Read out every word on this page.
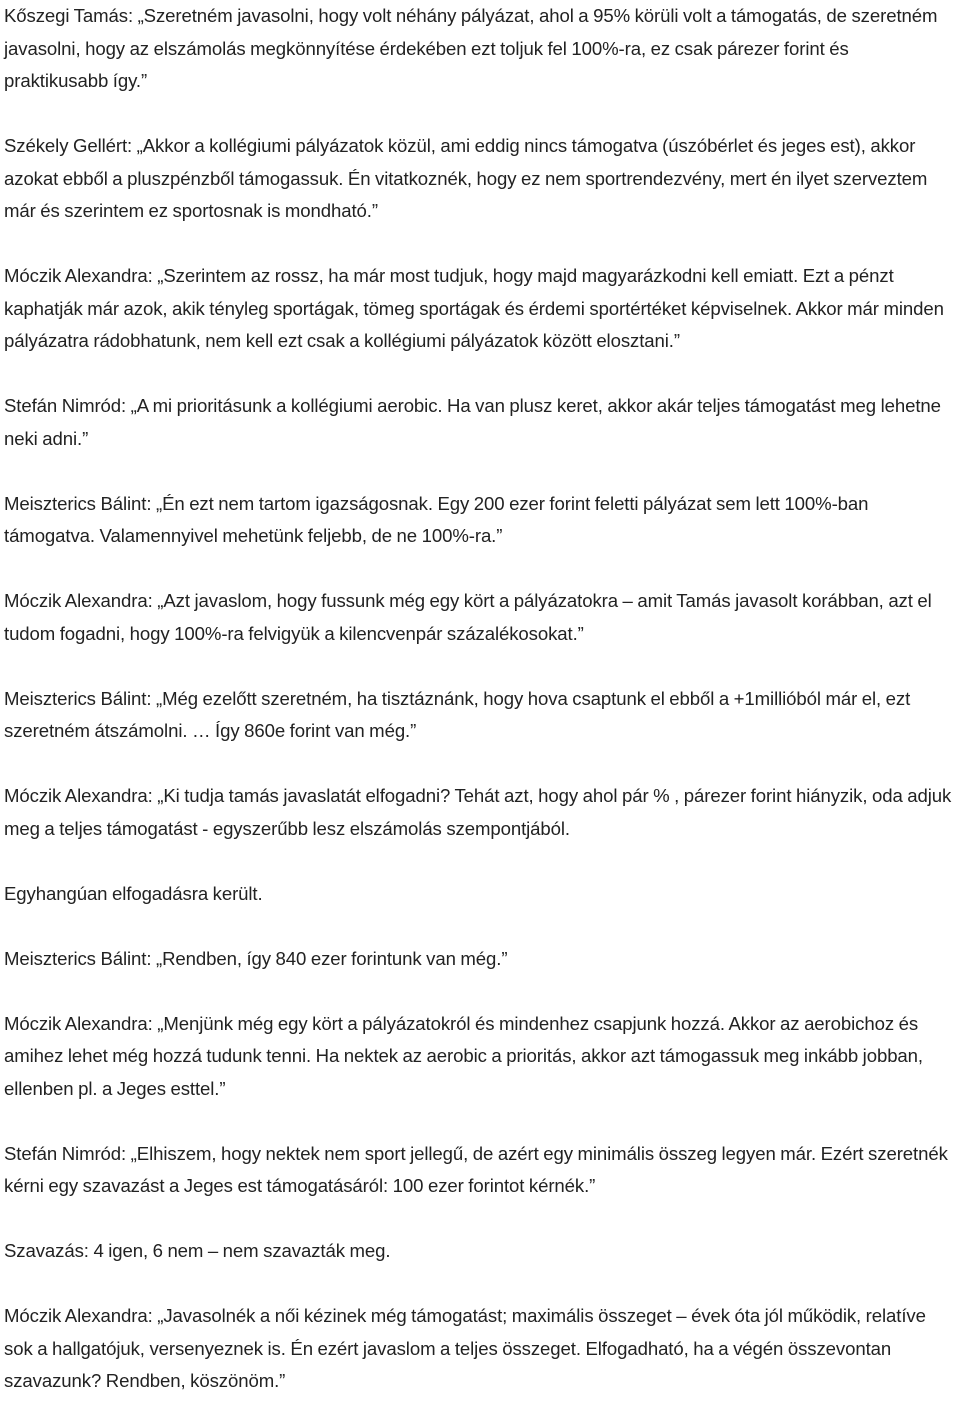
Kőszegi Tamás: „Szeretném javasolni, hogy volt néhány pályázat, ahol a 95% körüli volt a támogatás, de szeretném javasolni, hogy az elszámolás megkönnyítése érdekében ezt toljuk fel 100%-ra, ez csak párezer forint és praktikusabb így.”

Székely Gellért: „Akkor a kollégiumi pályázatok közül, ami eddig nincs támogatva (úszóbérlet és jeges est), akkor azokat ebből a pluszpénzből támogassuk. Én vitatkoznék, hogy ez nem sportrendezvény, mert én ilyet szerveztem már és szerintem ez sportosnak is mondható.”

Móczik Alexandra: „Szerintem az rossz, ha már most tudjuk, hogy majd magyarázkodni kell emiatt. Ezt a pénzt kaphatják már azok, akik tényleg sportágak, tömeg sportágak és érdemi sportértéket képviselnek. Akkor már minden pályázatra rádobhatunk, nem kell ezt csak a kollégiumi pályázatok között elosztani.”

Stefán Nimród: „A mi prioritásunk a kollégiumi aerobic. Ha van plusz keret, akkor akár teljes támogatást meg lehetne neki adni.”

Meiszterics Bálint: „Én ezt nem tartom igazságosnak. Egy 200 ezer forint feletti pályázat sem lett 100%-ban támogatva. Valamennyivel mehetünk feljebb, de ne 100%-ra.”

Móczik Alexandra: „Azt javaslom, hogy fussunk még egy kört a pályázatokra – amit Tamás javasolt korábban, azt el tudom fogadni, hogy 100%-ra felvigyük a kilencvenpár százalékosokat.”

Meiszterics Bálint: „Még ezelőtt szeretném, ha tisztáznánk, hogy hova csaptunk el ebből a +1millióból már el, ezt szeretném átszámolni. … Így 860e forint van még.”

Móczik Alexandra: „Ki tudja tamás javaslatát elfogadni? Tehát azt, hogy ahol pár % , párezer forint hiányzik, oda adjuk meg a teljes támogatást - egyszerűbb lesz elszámolás szempontjából.

Egyhangúan elfogadásra került.

Meiszterics Bálint: „Rendben, így 840 ezer forintunk van még.”

Móczik Alexandra: „Menjünk még egy kört a pályázatokról és mindenhez csapjunk hozzá. Akkor az aerobichoz és amihez lehet még hozzá tudunk tenni. Ha nektek az aerobic a prioritás, akkor azt támogassuk meg inkább jobban, ellenben pl. a Jeges esttel.”

Stefán Nimród: „Elhiszem, hogy nektek nem sport jellegű, de azért egy minimális összeg legyen már. Ezért szeretnék kérni egy szavazást a Jeges est támogatásáról: 100 ezer forintot kérnék.”

Szavazás: 4 igen, 6 nem – nem szavazták meg.

Móczik Alexandra: „Javasolnék a női kézinek még támogatást; maximális összeget – évek óta jól működik, relatíve sok a hallgatójuk, versenyeznek is. Én ezért javaslom a teljes összeget. Elfogadható, ha a végén összevontan szavazunk? Rendben, köszönöm.”
